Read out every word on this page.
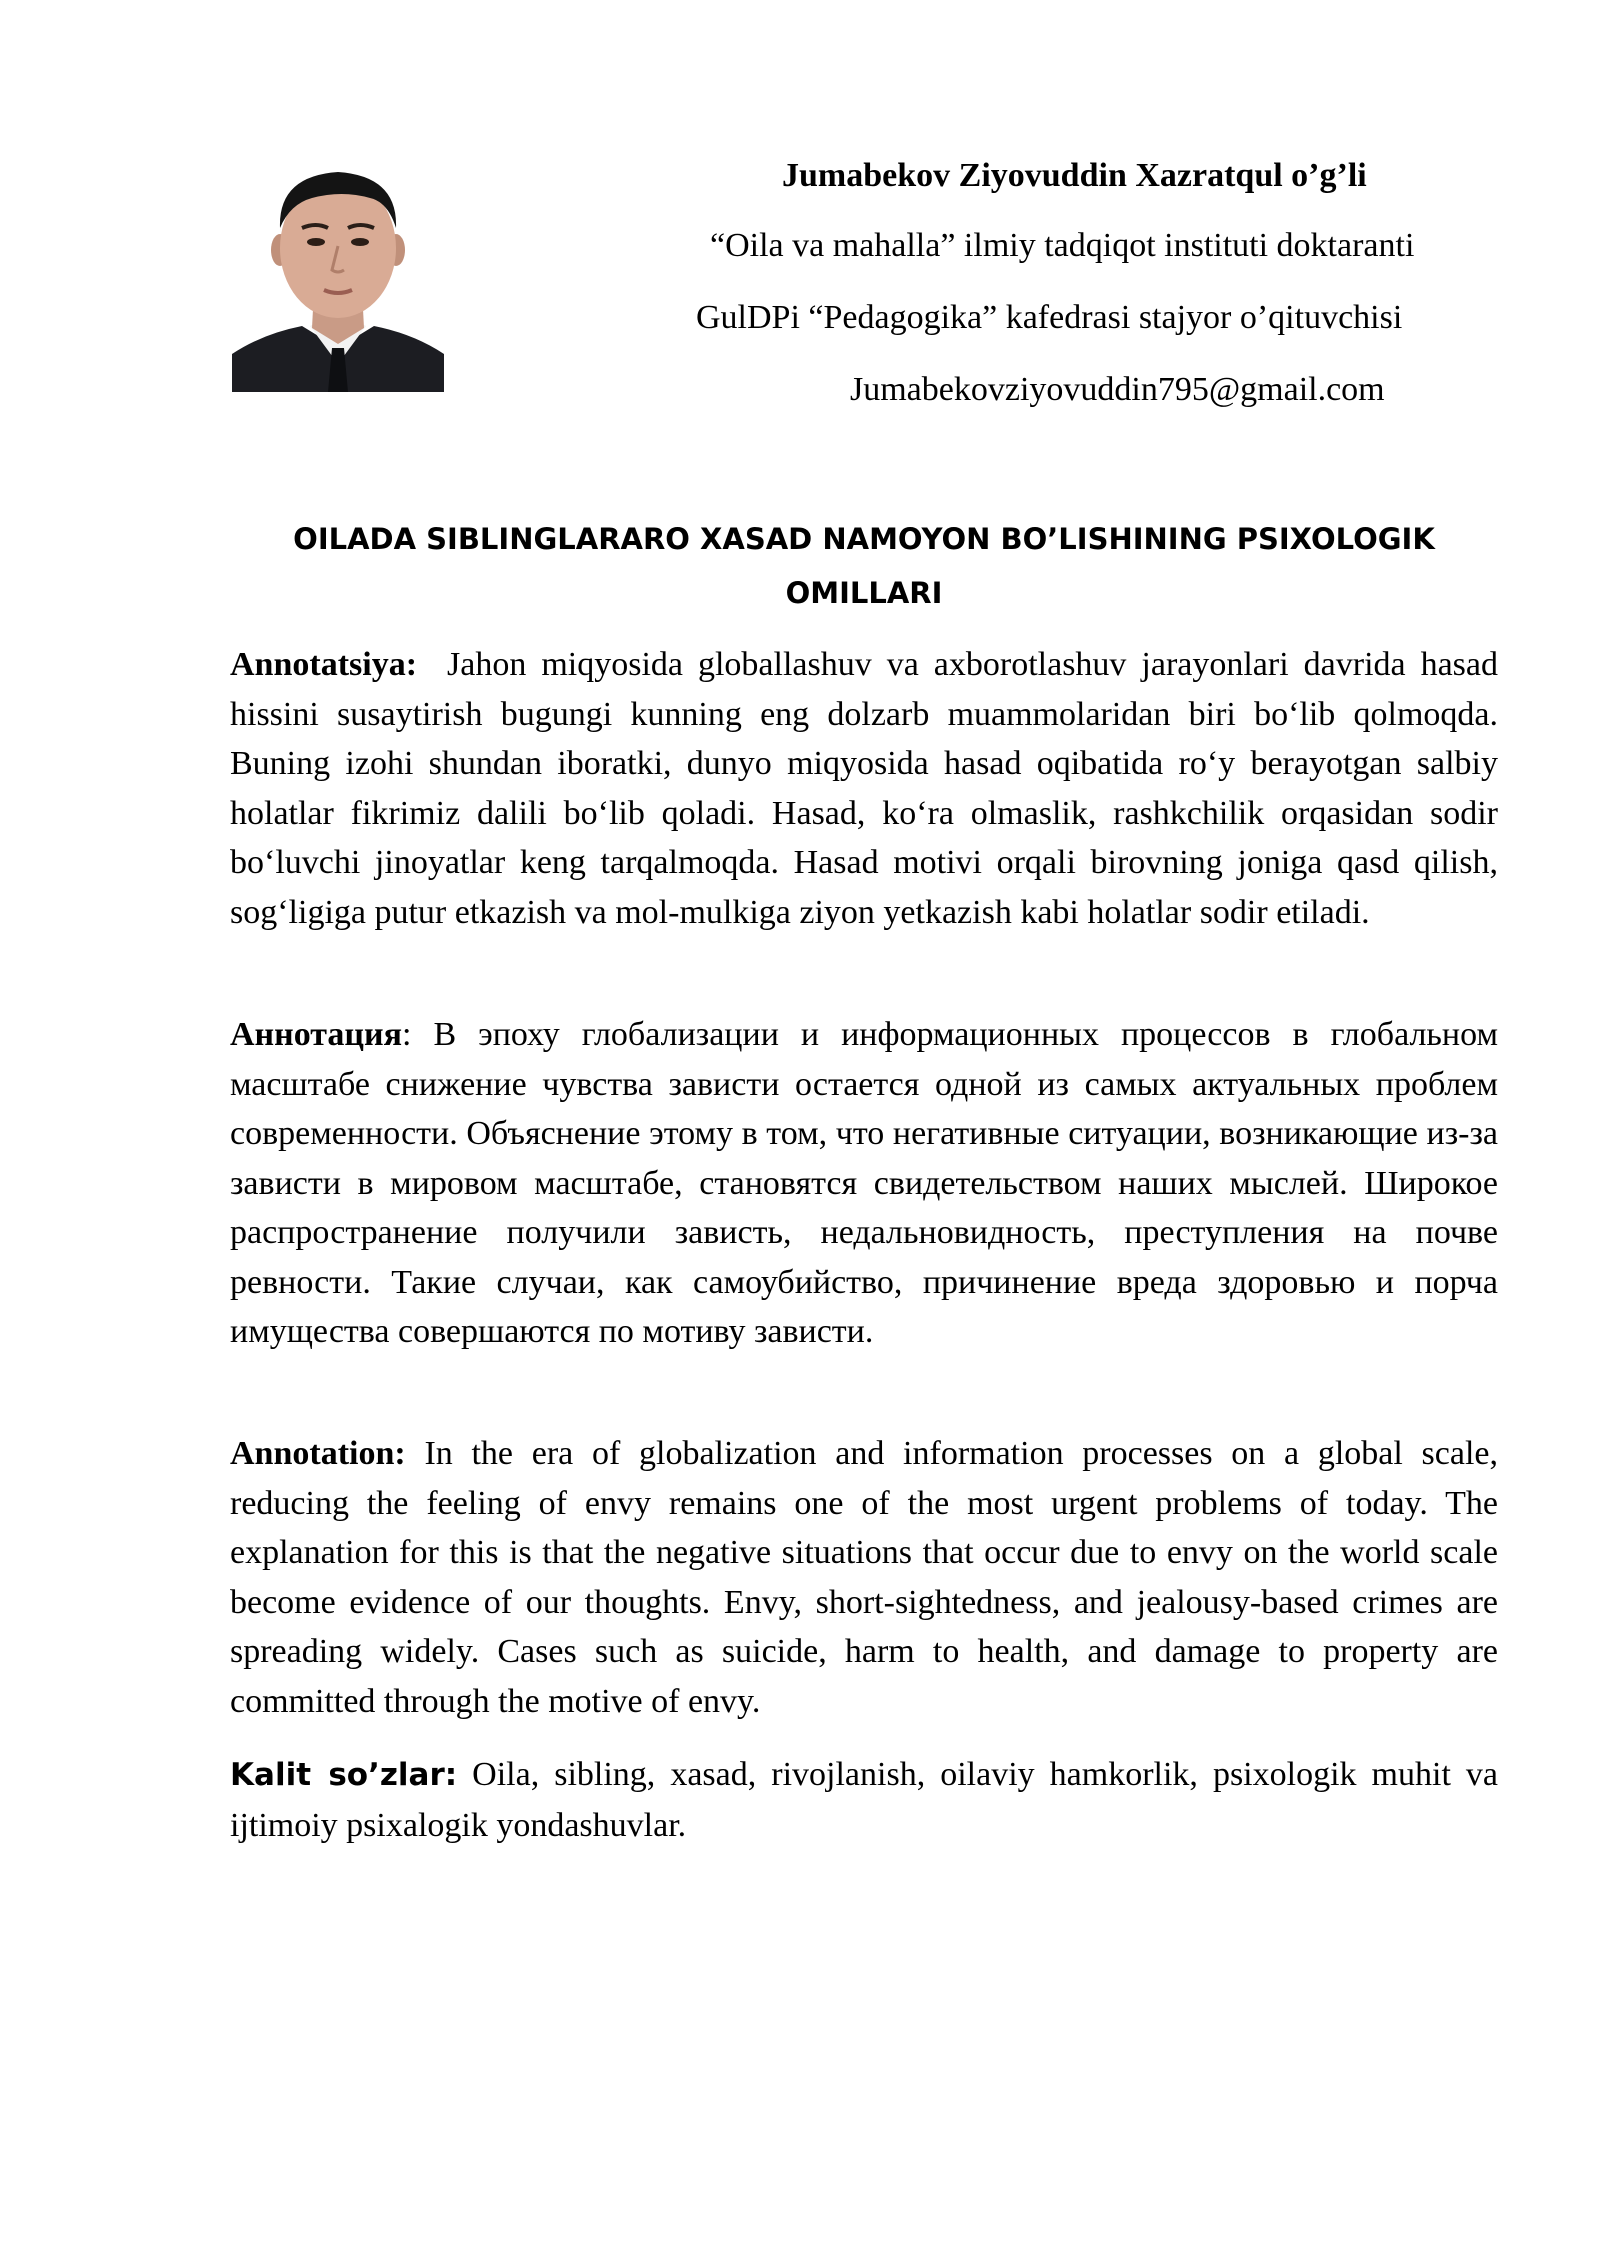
Jumabekov Ziyovuddin Xazratqul o’g’li
“Oila va mahalla” ilmiy tadqiqot instituti doktaranti
GulDPi “Pedagogika” kafedrasi stajyor o’qituvchisi
Jumabekovziyovuddin795@gmail.com
OILADA SIBLINGLARARO XASAD NAMOYON BO’LISHINING PSIXOLOGIK OMILLARI

Annotatsiya: Jahon miqyosida globallashuv va axborotlashuv jarayonlari davrida hasad hissini susaytirish bugungi kunning eng dolzarb muammolaridan biri bo‘lib qolmoqda. Buning izohi shundan iboratki, dunyo miqyosida hasad oqibatida ro‘y berayotgan salbiy holatlar fikrimiz dalili bo‘lib qoladi. Hasad, ko‘ra olmaslik, rashkchilik orqasidan sodir bo‘luvchi jinoyatlar keng tarqalmoqda. Hasad motivi orqali birovning joniga qasd qilish, sog‘ligiga putur etkazish va mol-mulkiga ziyon yetkazish kabi holatlar sodir etiladi.

Аннотация: В эпоху глобализации и информационных процессов в глобальном масштабе снижение чувства зависти остается одной из самых актуальных проблем современности. Объяснение этому в том, что негативные ситуации, возникающие из-за зависти в мировом масштабе, становятся свидетельством наших мыслей. Широкое распространение получили зависть, недальновидность, преступления на почве ревности. Такие случаи, как самоубийство, причинение вреда здоровью и порча имущества совершаются по мотиву зависти.

Annotation: In the era of globalization and information processes on a global scale, reducing the feeling of envy remains one of the most urgent problems of today. The explanation for this is that the negative situations that occur due to envy on the world scale become evidence of our thoughts. Envy, short-sightedness, and jealousy-based crimes are spreading widely. Cases such as suicide, harm to health, and damage to property are committed through the motive of envy.

Kalit so’zlar: Oila, sibling, xasad, rivojlanish, oilaviy hamkorlik, psixologik muhit va ijtimoiy psixalogik yondashuvlar.
